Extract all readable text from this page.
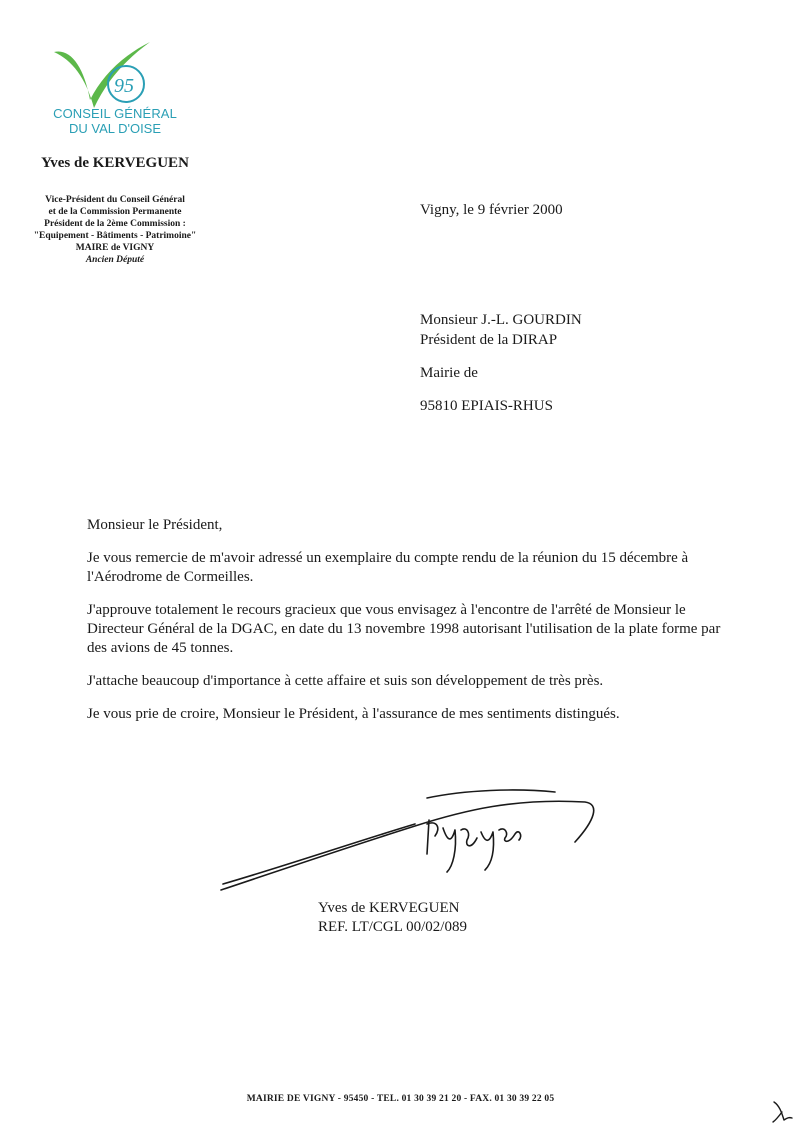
95
CONSEIL GÉNÉRAL
DU VAL D'OISE
Yves de KERVEGUEN
Vice-Président du Conseil Général
et de la Commission Permanente
Président de la 2ème Commission :
"Equipement - Bâtiments - Patrimoine"
MAIRE de VIGNY
Ancien Député
Vigny, le 9 février 2000
Monsieur J.-L. GOURDIN
Président de la DIRAP
Mairie de
95810 EPIAIS-RHUS

Monsieur le Président,

Je vous remercie de m'avoir adressé un exemplaire du compte rendu de la réunion du 15 décembre à l'Aérodrome de Cormeilles.

J'approuve totalement le recours gracieux que vous envisagez à l'encontre de l'arrêté de Monsieur le Directeur Général de la DGAC, en date du 13 novembre 1998 autorisant l'utilisation de la plate forme par des avions de 45 tonnes.

J'attache beaucoup d'importance à cette affaire et suis son développement de très près.

Je vous prie de croire, Monsieur le Président, à l'assurance de mes sentiments distingués.

Yves de KERVEGUEN
REF. LT/CGL 00/02/089
MAIRIE DE VIGNY - 95450 - TEL. 01 30 39 21 20 - FAX. 01 30 39 22 05
